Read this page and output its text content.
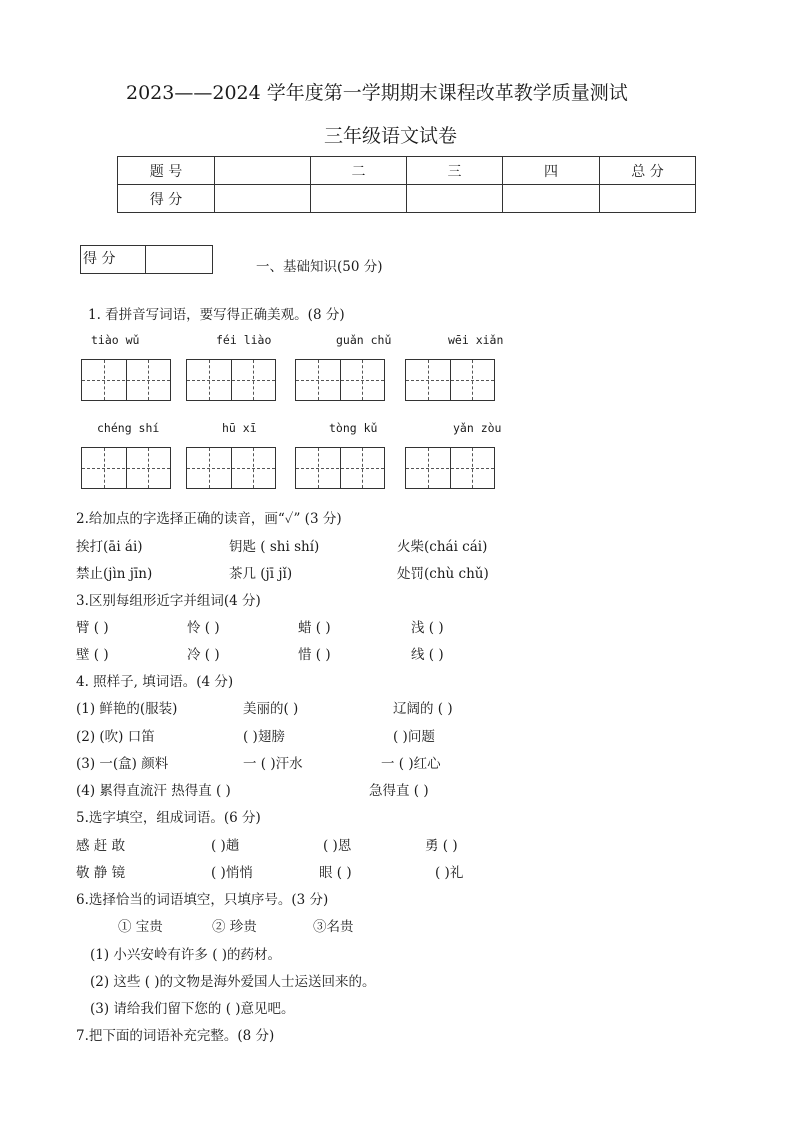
2023——2024 学年度第一学期期末课程改革教学质量测试
三年级语文试卷
题 号		二	三	四	总 分
得 分					
得 分	一、基础知识(50 分)
1. 看拼音写词语，要写得正确美观。(8 分)
tiào wǔ	féi liào	guǎn chǔ	wēi xiǎn
chéng shí	hū xī	tòng kǔ	yǎn zòu
2.给加点的字选择正确的读音，画“✓” (3 分)
挨打(āi ái)	钥匙 ( shi shí)	火柴(chái cái)
禁止(jìn jīn)	茶几 (jī jǐ)	处罚(chù chǔ)
3.区别每组形近字并组词(4 分)
臂 ( )	怜 ( )	蜡 ( )	浅 ( )
壁 ( )	冷 ( )	惜 ( )	线 ( )
4. 照样子, 填词语。(4 分)
(1) 鲜艳的(服装)	美丽的( )	辽阔的 ( )
(2) (吹) 口笛	( )翅膀	( )问题
(3) 一(盒) 颜料	一 ( )汗水	一 ( )红心
(4) 累得直流汗 热得直 ( )	急得直 ( )
5.选字填空，组成词语。(6 分)
感 赶 敢	( )趟	( )恩	勇 ( )
敬 静 镜	( )悄悄	眼 ( )	( )礼
6.选择恰当的词语填空，只填序号。(3 分)
① 宝贵	② 珍贵	③名贵
(1) 小兴安岭有许多 ( )的药材。
(2) 这些 ( )的文物是海外爱国人士运送回来的。
(3) 请给我们留下您的 ( )意见吧。
7.把下面的词语补充完整。(8 分)
